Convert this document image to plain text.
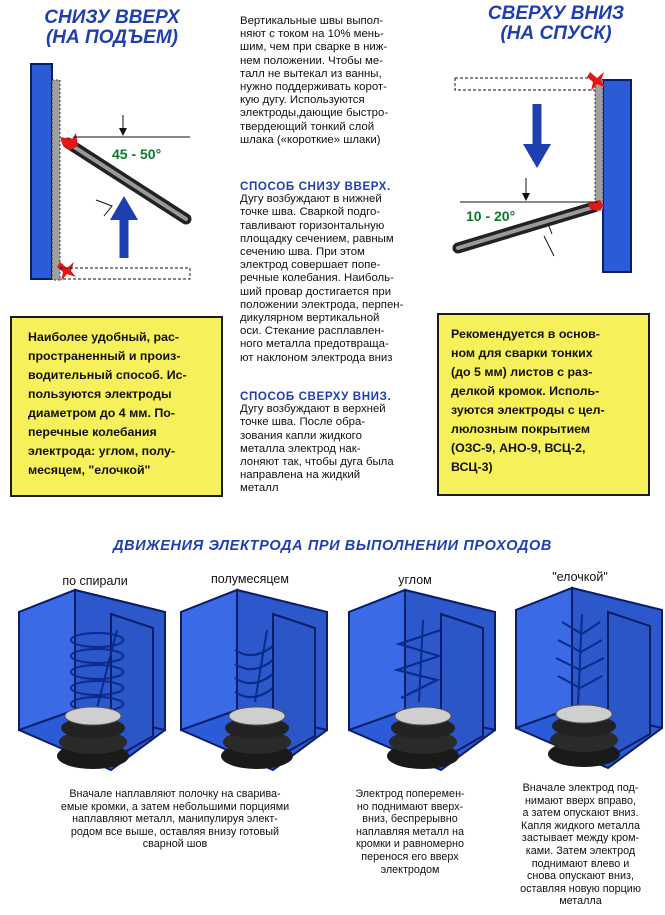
СНИЗУ ВВЕРХ
(НА ПОДЪЕМ)
СВЕРХУ ВНИЗ
(НА СПУСК)
45 - 50°
10 - 20°
Вертикальные швы выпол-
няют с током на 10% мень-
шим, чем при сварке в ниж-
нем положении. Чтобы ме-
талл не вытекал из ванны,
нужно поддерживать корот-
кую дугу. Используются
электроды,дающие быстро-
твердеющий тонкий слой
шлака («короткие» шлаки)
СПОСОБ СНИЗУ ВВЕРХ.
Дугу возбуждают в нижней
точке шва. Сваркой подго-
тавливают горизонтальную
площадку сечением, равным
сечению шва. При этом
электрод совершает попе-
речные колебания. Наиболь-
ший провар достигается при
положении электрода, перпен-
дикулярном вертикальной
оси. Стекание расплавлен-
ного металла предотвраща-
ют наклоном электрода вниз
СПОСОБ СВЕРХУ ВНИЗ.
Дугу возбуждают в верхней
точке шва. После обра-
зования капли жидкого
металла электрод нак-
лоняют так, чтобы дуга была
направлена на жидкий
металл
Наиболее удобный, рас-
пространенный и произ-
водительный способ. Ис-
пользуются электроды
диаметром до 4 мм. По-
перечные колебания
электрода: углом, полу-
месяцем, "елочкой"
Рекомендуется в основ-
ном для сварки тонких
(до 5 мм) листов с раз-
делкой кромок. Исполь-
зуются электроды с цел-
люлозным покрытием
(ОЗС-9, АНО-9, ВСЦ-2,
ВСЦ-3)
ДВИЖЕНИЯ ЭЛЕКТРОДА ПРИ ВЫПОЛНЕНИИ ПРОХОДОВ
по спирали	полумесяцем	углом	"елочкой"
Вначале наплавляют полочку на сварива-
емые кромки, а затем небольшими порциями
наплавляют металл, манипулируя элект-
родом все выше, оставляя внизу готовый
сварной шов
Электрод поперемен-
но поднимают вверх-
вниз, беспрерывно
наплавляя металл на
кромки и равномерно
перенося его вверх
электродом
Вначале электрод под-
нимают вверх вправо,
а затем опускают вниз.
Капля жидкого металла
застывает между кром-
ками. Затем электрод
поднимают влево и
снова опускают вниз,
оставляя новую порцию
металла
